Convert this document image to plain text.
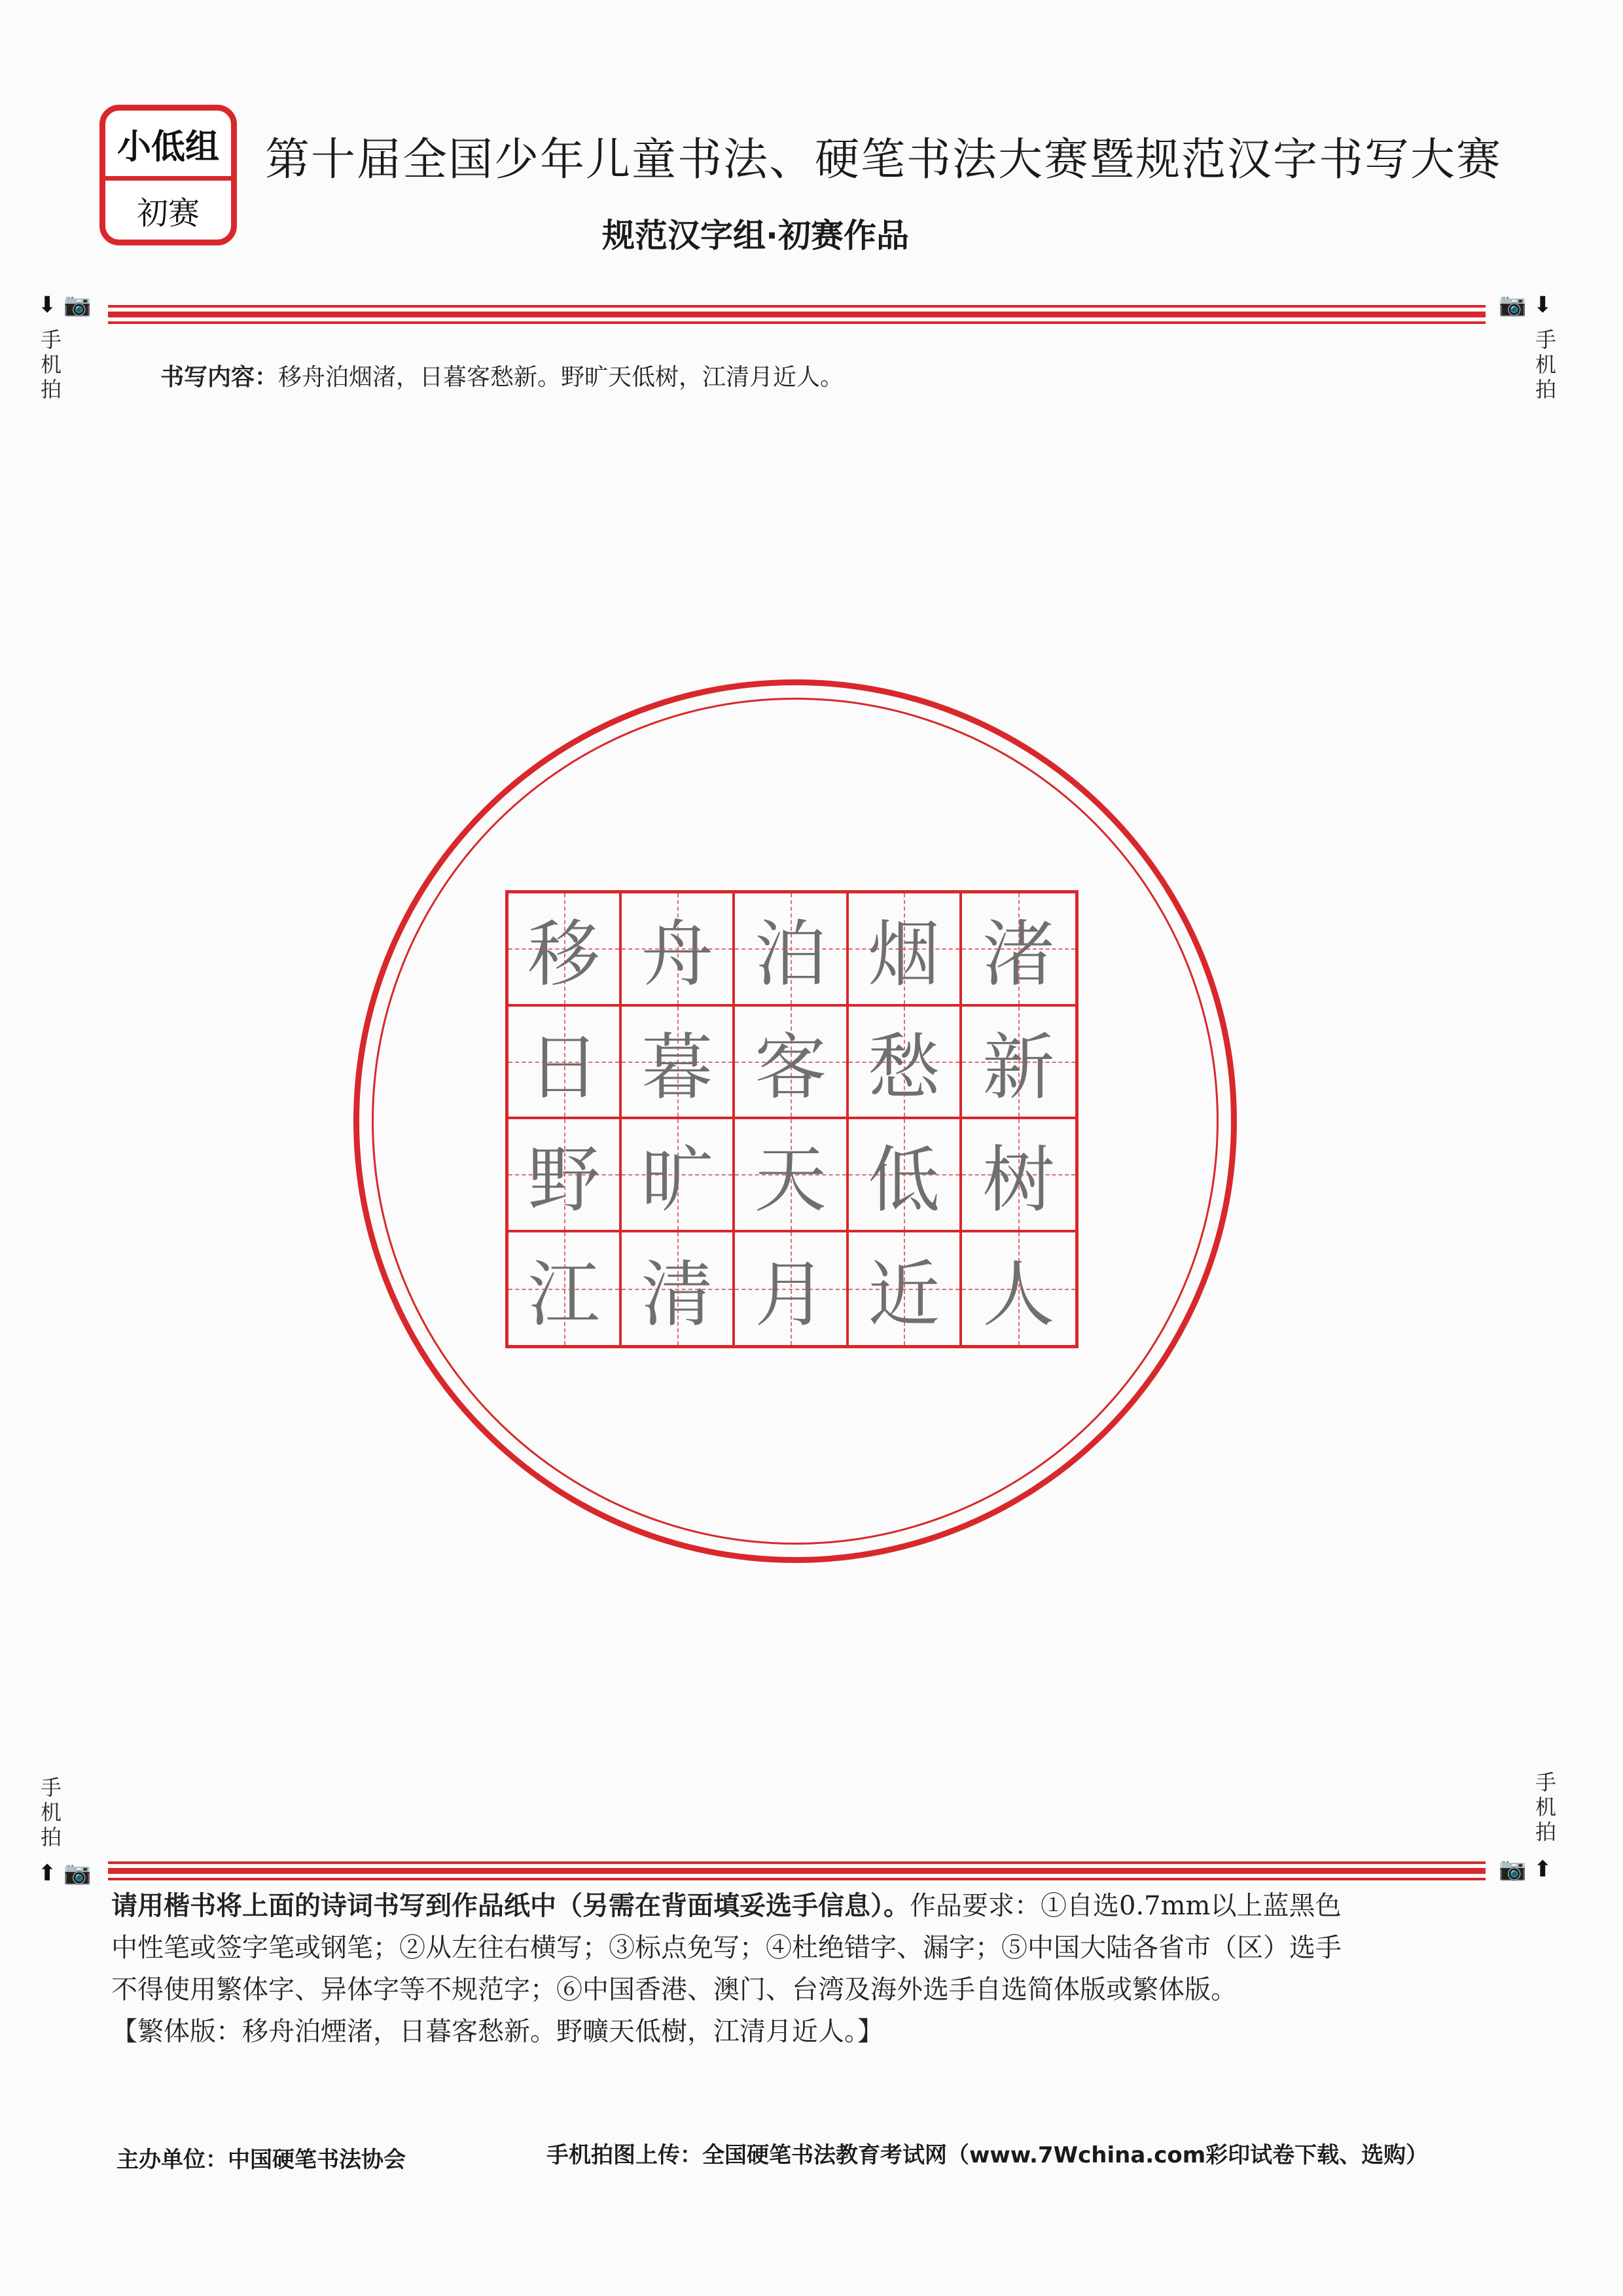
小低组
初赛
第十届全国少年儿童书法、硬笔书法大赛暨规范汉字书写大赛
规范汉字组·初赛作品
⬇ 📷	📷 ⬇
手机拍
手机拍
书写内容：移舟泊烟渚，日暮客愁新。野旷天低树，江清月近人。
移 舟 泊 烟 渚
日 暮 客 愁 新
野 旷 天 低 树
江 清 月 近 人
手机拍
手机拍
⬆ 📷	📷 ⬆

请用楷书将上面的诗词书写到作品纸中（另需在背面填妥选手信息）。作品要求：①自选0.7mm以上蓝黑色

中性笔或签字笔或钢笔；②从左往右横写；③标点免写；④杜绝错字、漏字；⑤中国大陆各省市（区）选手

不得使用繁体字、异体字等不规范字；⑥中国香港、澳门、台湾及海外选手自选简体版或繁体版。

【繁体版：移舟泊煙渚，日暮客愁新。野曠天低樹，江清月近人。】

主办单位：中国硬笔书法协会	手机拍图上传：全国硬笔书法教育考试网（www.7Wchina.com彩印试卷下载、选购）
